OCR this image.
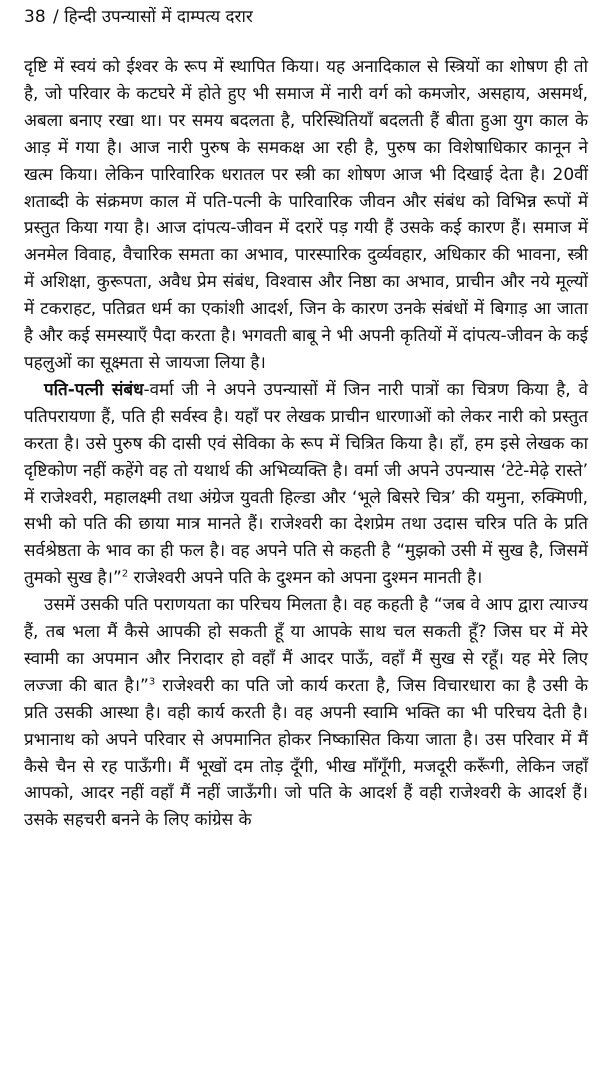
38 / हिन्दी उपन्यासों में दाम्पत्य दरार

दृष्टि में स्वयं को ईश्वर के रूप में स्थापित किया। यह अनादिकाल से स्त्रियों का शोषण ही तो है, जो परिवार के कटघरे में होते हुए भी समाज में नारी वर्ग को कमजोर, असहाय, असमर्थ, अबला बनाए रखा था। पर समय बदलता है, परिस्थितियाँ बदलती हैं बीता हुआ युग काल के आड़ में गया है। आज नारी पुरुष के समकक्ष आ रही है, पुरुष का विशेषाधिकार कानून ने खत्म किया। लेकिन पारिवारिक धरातल पर स्त्री का शोषण आज भी दिखाई देता है। 20वीं शताब्दी के संक्रमण काल में पति-पत्नी के पारिवारिक जीवन और संबंध को विभिन्न रूपों में प्रस्तुत किया गया है। आज दांपत्य-जीवन में दरारें पड़ गयी हैं उसके कई कारण हैं। समाज में अनमेल विवाह, वैचारिक समता का अभाव, पारस्पारिक दुर्व्यवहार, अधिकार की भावना, स्त्री में अशिक्षा, कुरूपता, अवैध प्रेम संबंध, विश्वास और निष्ठा का अभाव, प्राचीन और नये मूल्यों में टकराहट, पतिव्रत धर्म का एकांशी आदर्श, जिन के कारण उनके संबंधों में बिगाड़ आ जाता है और कई समस्याएँ पैदा करता है। भगवती बाबू ने भी अपनी कृतियों में दांपत्य-जीवन के कई पहलुओं का सूक्ष्मता से जायजा लिया है।

पति-पत्नी संबंध-वर्मा जी ने अपने उपन्यासों में जिन नारी पात्रों का चित्रण किया है, वे पतिपरायणा हैं, पति ही सर्वस्व है। यहाँ पर लेखक प्राचीन धारणाओं को लेकर नारी को प्रस्तुत करता है। उसे पुरुष की दासी एवं सेविका के रूप में चित्रित किया है। हाँ, हम इसे लेखक का दृष्टिकोण नहीं कहेंगे वह तो यथार्थ की अभिव्यक्ति है। वर्मा जी अपने उपन्यास ‘टेटे-मेढ़े रास्ते’ में राजेश्वरी, महालक्ष्मी तथा अंग्रेज युवती हिल्डा और ‘भूले बिसरे चित्र’ की यमुना, रुक्मिणी, सभी को पति की छाया मात्र मानते हैं। राजेश्वरी का देशप्रेम तथा उदास चरित्र पति के प्रति सर्वश्रेष्ठता के भाव का ही फल है। वह अपने पति से कहती है “मुझको उसी में सुख है, जिसमें तुमको सुख है।”$^2$ राजेश्वरी अपने पति के दुश्मन को अपना दुश्मन मानती है।

उसमें उसकी पति पराणयता का परिचय मिलता है। वह कहती है “जब वे आप द्वारा त्याज्य हैं, तब भला मैं कैसे आपकी हो सकती हूँ या आपके साथ चल सकती हूँ? जिस घर में मेरे स्वामी का अपमान और निरादार हो वहाँ मैं आदर पाऊँ, वहाँ मैं सुख से रहूँ। यह मेरे लिए लज्जा की बात है।”$^3$ राजेश्वरी का पति जो कार्य करता है, जिस विचारधारा का है उसी के प्रति उसकी आस्था है। वही कार्य करती है। वह अपनी स्वामि भक्ति का भी परिचय देती है। प्रभानाथ को अपने परिवार से अपमानित होकर निष्कासित किया जाता है। उस परिवार में मैं कैसे चैन से रह पाऊँगी। मैं भूखों दम तोड़ दूँगी, भीख माँगूँगी, मजदूरी करूँगी, लेकिन जहाँ आपको, आदर नहीं वहाँ मैं नहीं जाऊँगी। जो पति के आदर्श हैं वही राजेश्वरी के आदर्श हैं। उसके सहचरी बनने के लिए कांग्रेस के
